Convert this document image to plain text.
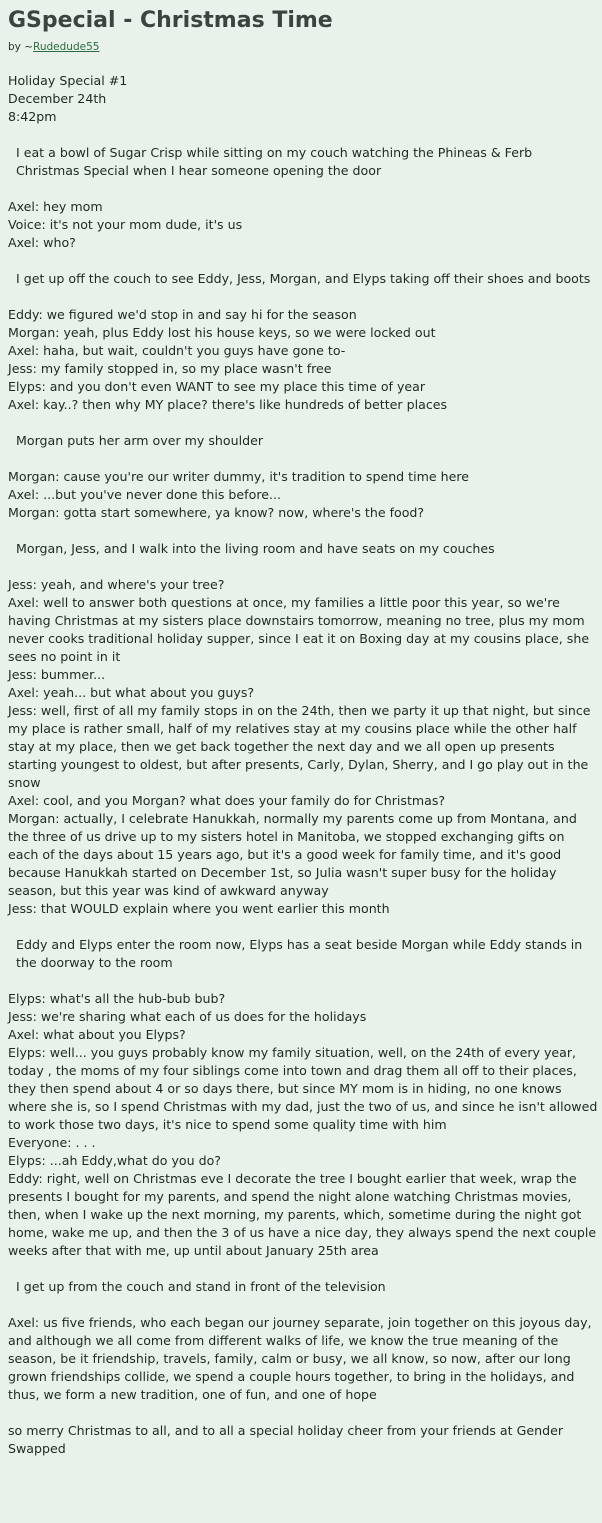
GSpecial - Christmas Time
by ~Rudedude55
Holiday Special #1
December 24th
8:42pm
I eat a bowl of Sugar Crisp while sitting on my couch watching the Phineas & Ferb Christmas Special when I hear someone opening the door
Axel: hey mom
Voice: it's not your mom dude, it's us
Axel: who?
I get up off the couch to see Eddy, Jess, Morgan, and Elyps taking off their shoes and boots
Eddy: we figured we'd stop in and say hi for the season
Morgan: yeah, plus Eddy lost his house keys, so we were locked out
Axel: haha, but wait, couldn't you guys have gone to-
Jess: my family stopped in, so my place wasn't free
Elyps: and you don't even WANT to see my place this time of year
Axel: kay..? then why MY place? there's like hundreds of better places
Morgan puts her arm over my shoulder
Morgan: cause you're our writer dummy, it's tradition to spend time here
Axel: ...but you've never done this before...
Morgan: gotta start somewhere, ya know? now, where's the food?
Morgan, Jess, and I walk into the living room and have seats on my couches
Jess: yeah, and where's your tree?
Axel: well to answer both questions at once, my families a little poor this year, so we're having Christmas at my sisters place downstairs tomorrow, meaning no tree, plus my mom never cooks traditional holiday supper, since I eat it on Boxing day at my cousins place, she sees no point in it
Jess: bummer...
Axel: yeah... but what about you guys?
Jess: well, first of all my family stops in on the 24th, then we party it up that night, but since my place is rather small, half of my relatives stay at my cousins place while the other half stay at my place, then we get back together the next day and we all open up presents starting youngest to oldest, but after presents, Carly, Dylan, Sherry, and I go play out in the snow
Axel: cool, and you Morgan? what does your family do for Christmas?
Morgan: actually, I celebrate Hanukkah, normally my parents come up from Montana, and the three of us drive up to my sisters hotel in Manitoba, we stopped exchanging gifts on each of the days about 15 years ago, but it's a good week for family time, and it's good because Hanukkah started on December 1st, so Julia wasn't super busy for the holiday season, but this year was kind of awkward anyway
Jess: that WOULD explain where you went earlier this month
Eddy and Elyps enter the room now, Elyps has a seat beside Morgan while Eddy stands in the doorway to the room
Elyps: what's all the hub-bub bub?
Jess: we're sharing what each of us does for the holidays
Axel: what about you Elyps?
Elyps: well... you guys probably know my family situation, well, on the 24th of every year, today , the moms of my four siblings come into town and drag them all off to their places, they then spend about 4 or so days there, but since MY mom is in hiding, no one knows where she is, so I spend Christmas with my dad, just the two of us, and since he isn't allowed to work those two days, it's nice to spend some quality time with him
Everyone: . . .
Elyps: ...ah Eddy,what do you do?
Eddy: right, well on Christmas eve I decorate the tree I bought earlier that week, wrap the presents I bought for my parents, and spend the night alone watching Christmas movies, then, when I wake up the next morning, my parents, which, sometime during the night got home, wake me up, and then the 3 of us have a nice day, they always spend the next couple weeks after that with me, up until about January 25th area
I get up from the couch and stand in front of the television
Axel: us five friends, who each began our journey separate, join together on this joyous day, and although we all come from different walks of life, we know the true meaning of the season, be it friendship, travels, family, calm or busy, we all know, so now, after our long grown friendships collide, we spend a couple hours together, to bring in the holidays, and thus, we form a new tradition, one of fun, and one of hope
so merry Christmas to all, and to all a special holiday cheer from your friends at Gender Swapped
